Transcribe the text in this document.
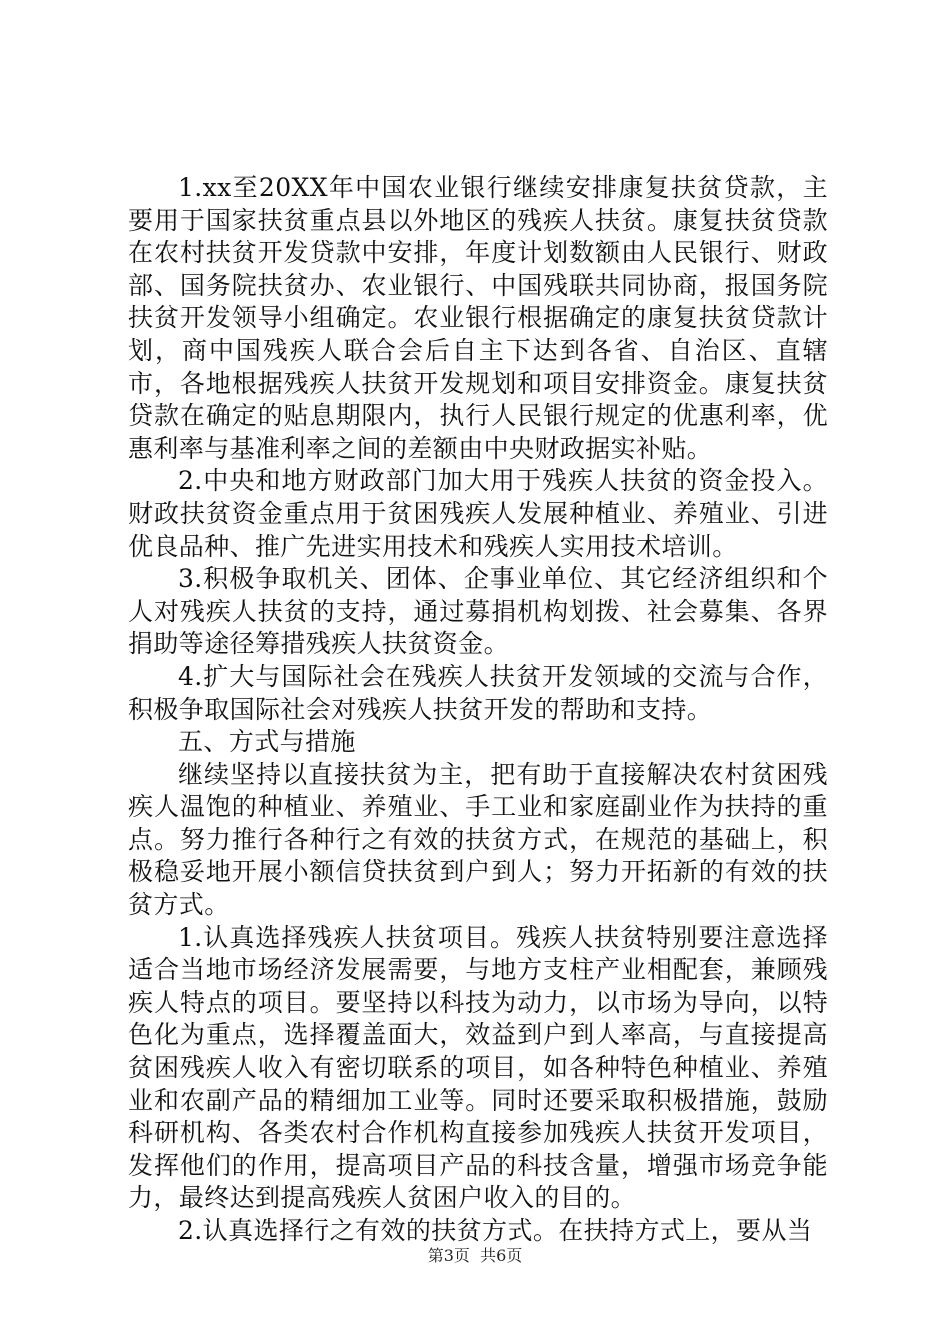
1.xx至20XX年中国农业银行继续安排康复扶贫贷款，主要用于国家扶贫重点县以外地区的残疾人扶贫。康复扶贫贷款在农村扶贫开发贷款中安排，年度计划数额由人民银行、财政部、国务院扶贫办、农业银行、中国残联共同协商，报国务院扶贫开发领导小组确定。农业银行根据确定的康复扶贫贷款计划，商中国残疾人联合会后自主下达到各省、自治区、直辖市，各地根据残疾人扶贫开发规划和项目安排资金。康复扶贫贷款在确定的贴息期限内，执行人民银行规定的优惠利率，优惠利率与基准利率之间的差额由中央财政据实补贴。

2.中央和地方财政部门加大用于残疾人扶贫的资金投入。财政扶贫资金重点用于贫困残疾人发展种植业、养殖业、引进优良品种、推广先进实用技术和残疾人实用技术培训。

3.积极争取机关、团体、企事业单位、其它经济组织和个人对残疾人扶贫的支持，通过募捐机构划拨、社会募集、各界捐助等途径筹措残疾人扶贫资金。

4.扩大与国际社会在残疾人扶贫开发领域的交流与合作，积极争取国际社会对残疾人扶贫开发的帮助和支持。

五、方式与措施

继续坚持以直接扶贫为主，把有助于直接解决农村贫困残疾人温饱的种植业、养殖业、手工业和家庭副业作为扶持的重点。努力推行各种行之有效的扶贫方式，在规范的基础上，积极稳妥地开展小额信贷扶贫到户到人；努力开拓新的有效的扶贫方式。

1.认真选择残疾人扶贫项目。残疾人扶贫特别要注意选择适合当地市场经济发展需要，与地方支柱产业相配套，兼顾残疾人特点的项目。要坚持以科技为动力，以市场为导向，以特色化为重点，选择覆盖面大，效益到户到人率高，与直接提高贫困残疾人收入有密切联系的项目，如各种特色种植业、养殖业和农副产品的精细加工业等。同时还要采取积极措施，鼓励科研机构、各类农村合作机构直接参加残疾人扶贫开发项目，发挥他们的作用，提高项目产品的科技含量，增强市场竞争能力，最终达到提高残疾人贫困户收入的目的。

2.认真选择行之有效的扶贫方式。在扶持方式上，要从当

第3页 共6页
